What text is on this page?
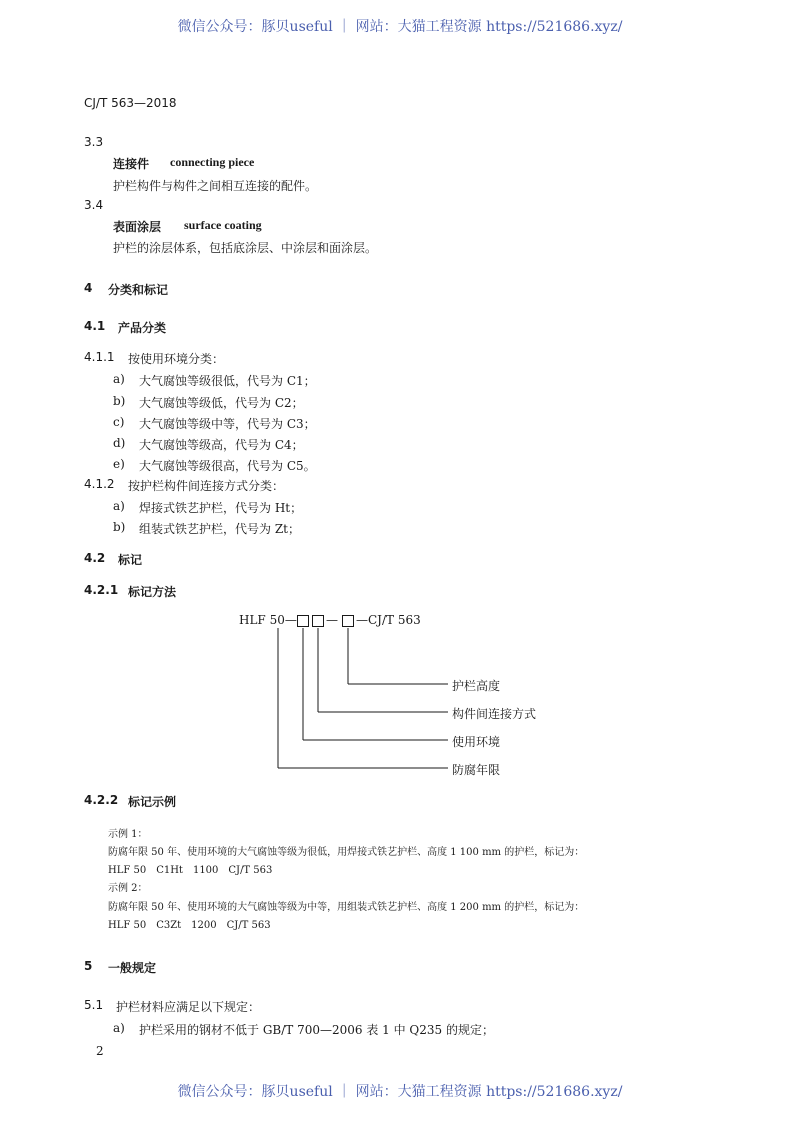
微信公众号：豚贝useful ｜ 网站：大猫工程资源 https://521686.xyz/
CJ/T 563—2018
3.3
连接件 connecting piece
护栏构件与构件之间相互连接的配件。
3.4
表面涂层 surface coating
护栏的涂层体系，包括底涂层、中涂层和面涂层。
4 分类和标记
4.1 产品分类
4.1.1 按使用环境分类：
a) 大气腐蚀等级很低，代号为 C1；
b) 大气腐蚀等级低，代号为 C2；
c) 大气腐蚀等级中等，代号为 C3；
d) 大气腐蚀等级高，代号为 C4；
e) 大气腐蚀等级很高，代号为 C5。
4.1.2 按护栏构件间连接方式分类：
a) 焊接式铁艺护栏，代号为 Ht；
b) 组装式铁艺护栏，代号为 Zt；
4.2 标记
4.2.1 标记方法
HLF 50— — —CJ/T 563
护栏高度
构件间连接方式
使用环境
防腐年限
4.2.2 标记示例
示例 1：
防腐年限 50 年、使用环境的大气腐蚀等级为很低，用焊接式铁艺护栏、高度 1 100 mm 的护栏，标记为：
HLF 50　C1Ht　1100　CJ/T 563
示例 2：
防腐年限 50 年、使用环境的大气腐蚀等级为中等，用组装式铁艺护栏、高度 1 200 mm 的护栏，标记为：
HLF 50　C3Zt　1200　CJ/T 563
5 一般规定
5.1 护栏材料应满足以下规定：
a) 护栏采用的钢材不低于 GB/T 700—2006 表 1 中 Q235 的规定；
2
微信公众号：豚贝useful ｜ 网站：大猫工程资源 https://521686.xyz/
